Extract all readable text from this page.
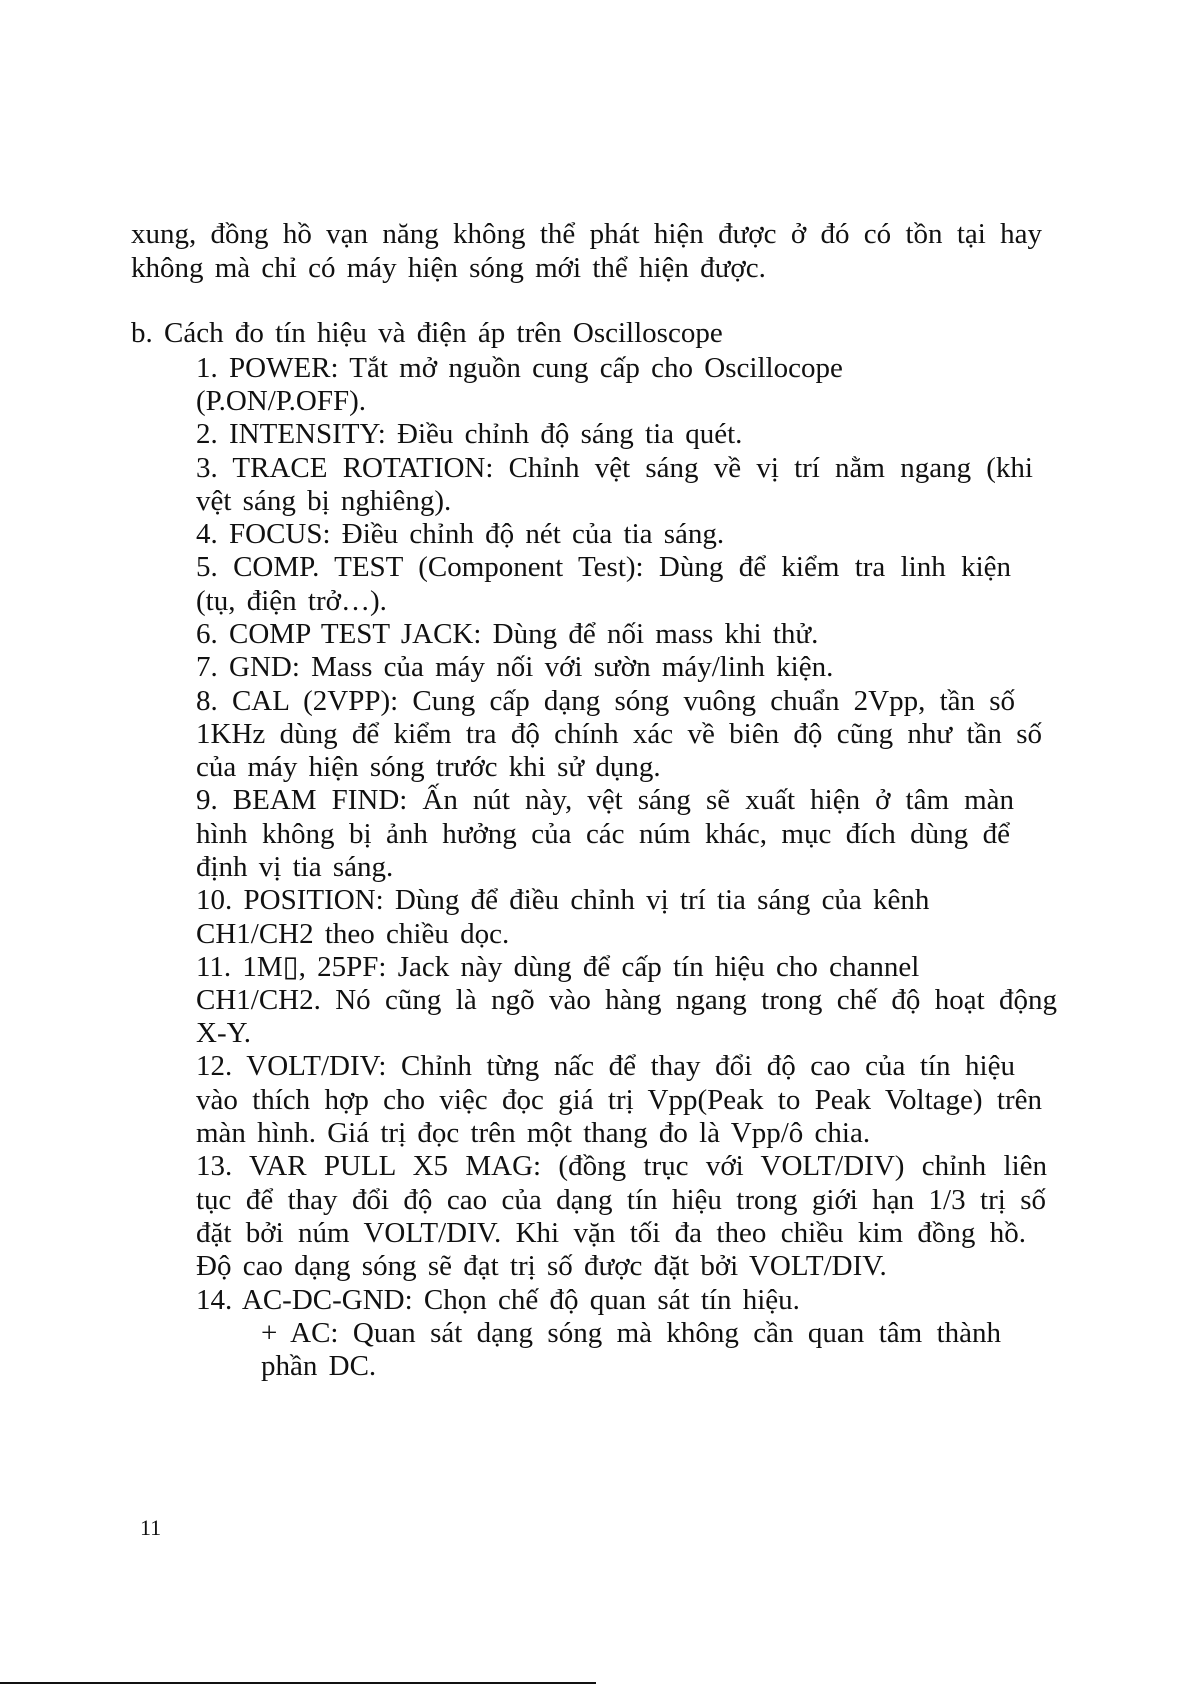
xung, đồng hồ vạn năng không thể phát hiện được ở đó có tồn tại hay
không mà chỉ có máy hiện sóng mới thể hiện được.
b. Cách đo tín hiệu và điện áp trên Oscilloscope
1. POWER: Tắt mở nguồn cung cấp cho Oscillocope
(P.ON/P.OFF).
2. INTENSITY: Điều chỉnh độ sáng tia quét.
3. TRACE ROTATION: Chỉnh vệt sáng về vị trí nằm ngang (khi
vệt sáng bị nghiêng).
4. FOCUS: Điều chỉnh độ nét của tia sáng.
5. COMP. TEST (Component Test): Dùng để kiểm tra linh kiện
(tụ, điện trở…).
6. COMP TEST JACK: Dùng để nối mass khi thử.
7. GND: Mass của máy nối với sườn máy/linh kiện.
8. CAL (2VPP): Cung cấp dạng sóng vuông chuẩn 2Vpp, tần số
1KHz dùng để kiểm tra độ chính xác về biên độ cũng như tần số
của máy hiện sóng trước khi sử dụng.
9. BEAM FIND: Ấn nút này, vệt sáng sẽ xuất hiện ở tâm màn
hình không bị ảnh hưởng của các núm khác, mục đích dùng để
định vị tia sáng.
10. POSITION: Dùng để điều chỉnh vị trí tia sáng của kênh
CH1/CH2 theo chiều dọc.
11. 1M▯, 25PF: Jack này dùng để cấp tín hiệu cho channel
CH1/CH2. Nó cũng là ngõ vào hàng ngang trong chế độ hoạt động
X-Y.
12. VOLT/DIV: Chỉnh từng nấc để thay đổi độ cao của tín hiệu
vào thích hợp cho việc đọc giá trị Vpp(Peak to Peak Voltage) trên
màn hình. Giá trị đọc trên một thang đo là Vpp/ô chia.
13. VAR PULL X5 MAG: (đồng trục với VOLT/DIV) chỉnh liên
tục để thay đổi độ cao của dạng tín hiệu trong giới hạn 1/3 trị số
đặt bởi núm VOLT/DIV. Khi vặn tối đa theo chiều kim đồng hồ.
Độ cao dạng sóng sẽ đạt trị số được đặt bởi VOLT/DIV.
14. AC-DC-GND: Chọn chế độ quan sát tín hiệu.
+ AC: Quan sát dạng sóng mà không cần quan tâm thành
phần DC.
11
